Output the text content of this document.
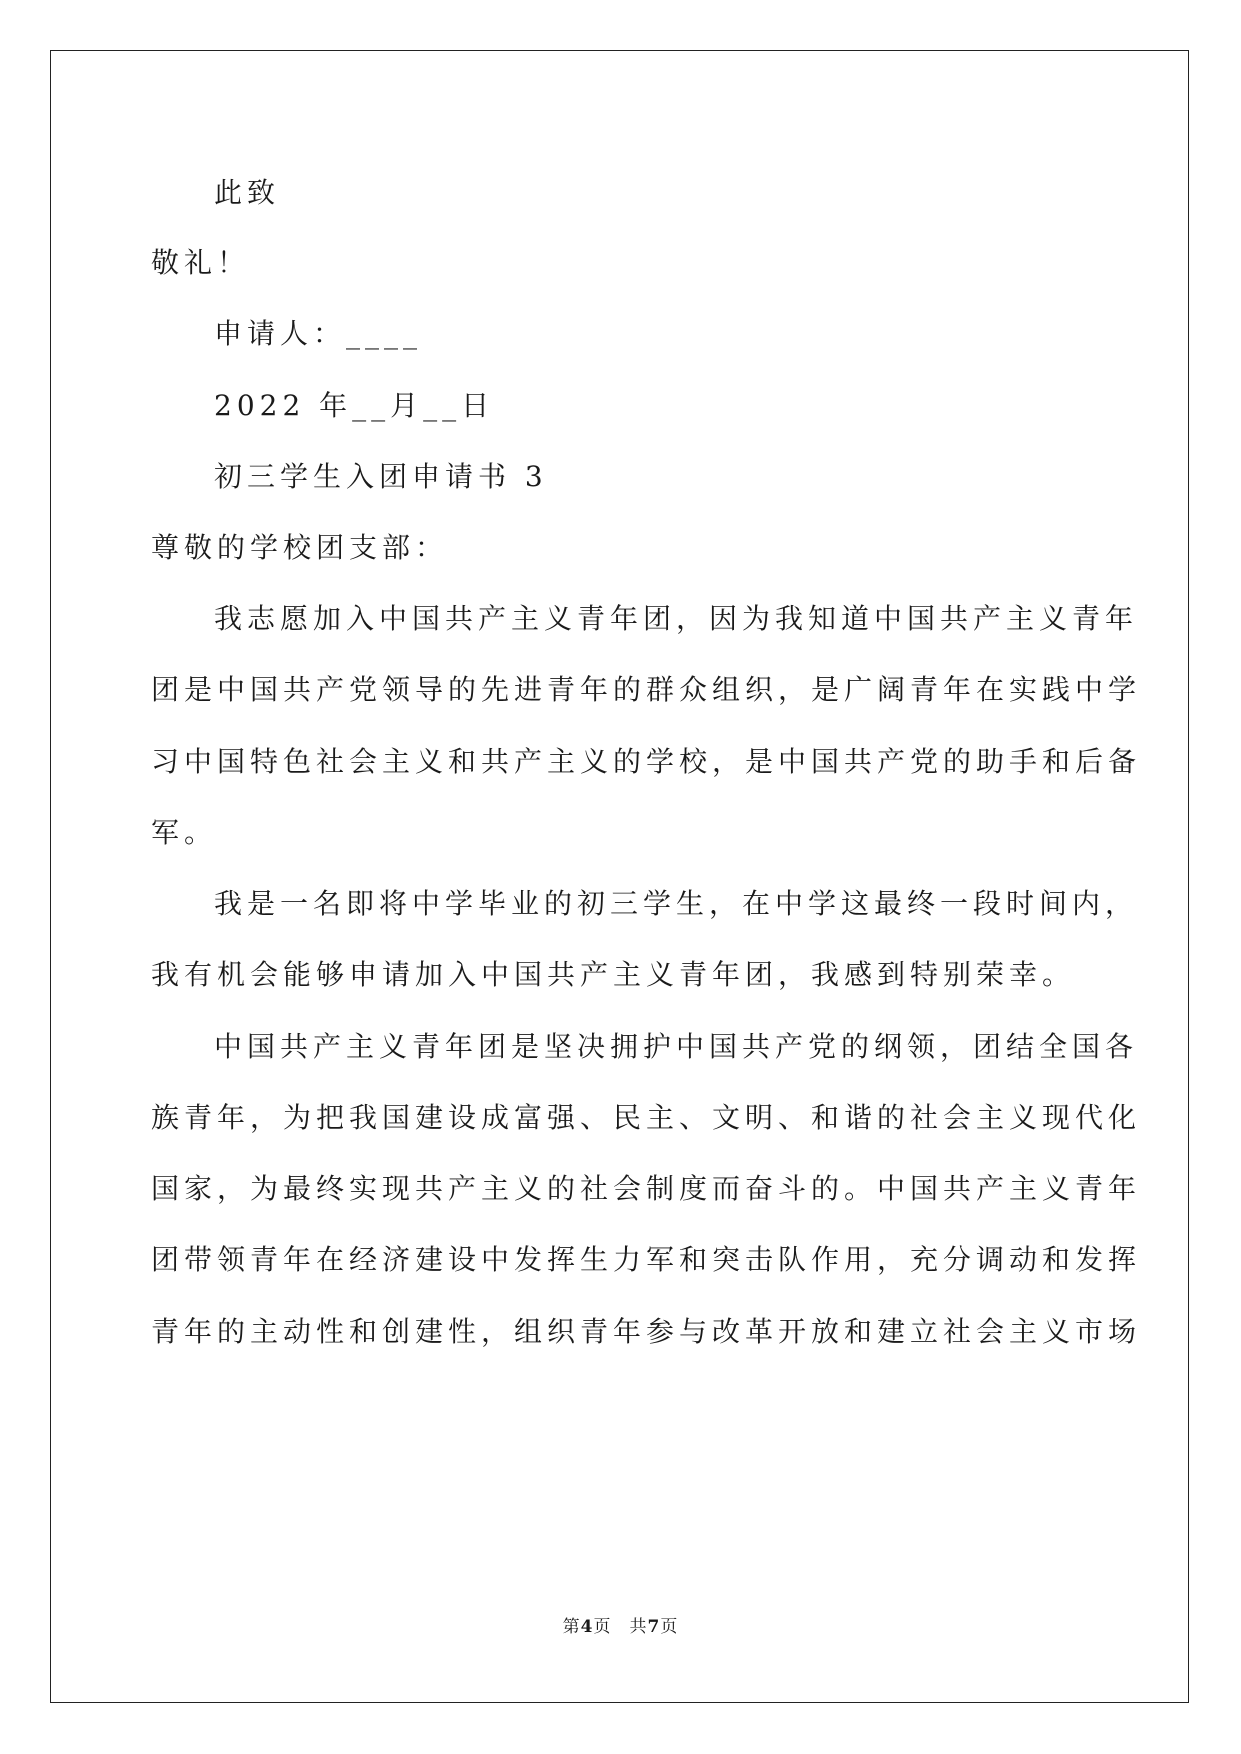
此致
敬礼！
申请人：____
2022 年__月__日
初三学生入团申请书 3
尊敬的学校团支部：
我志愿加入中国共产主义青年团，因为我知道中国共产主义青年
团是中国共产党领导的先进青年的群众组织，是广阔青年在实践中学
习中国特色社会主义和共产主义的学校，是中国共产党的助手和后备
军。
我是一名即将中学毕业的初三学生，在中学这最终一段时间内，
我有机会能够申请加入中国共产主义青年团，我感到特别荣幸。
中国共产主义青年团是坚决拥护中国共产党的纲领，团结全国各
族青年，为把我国建设成富强、民主、文明、和谐的社会主义现代化
国家，为最终实现共产主义的社会制度而奋斗的。中国共产主义青年
团带领青年在经济建设中发挥生力军和突击队作用，充分调动和发挥
青年的主动性和创建性，组织青年参与改革开放和建立社会主义市场
第4页　共7页
